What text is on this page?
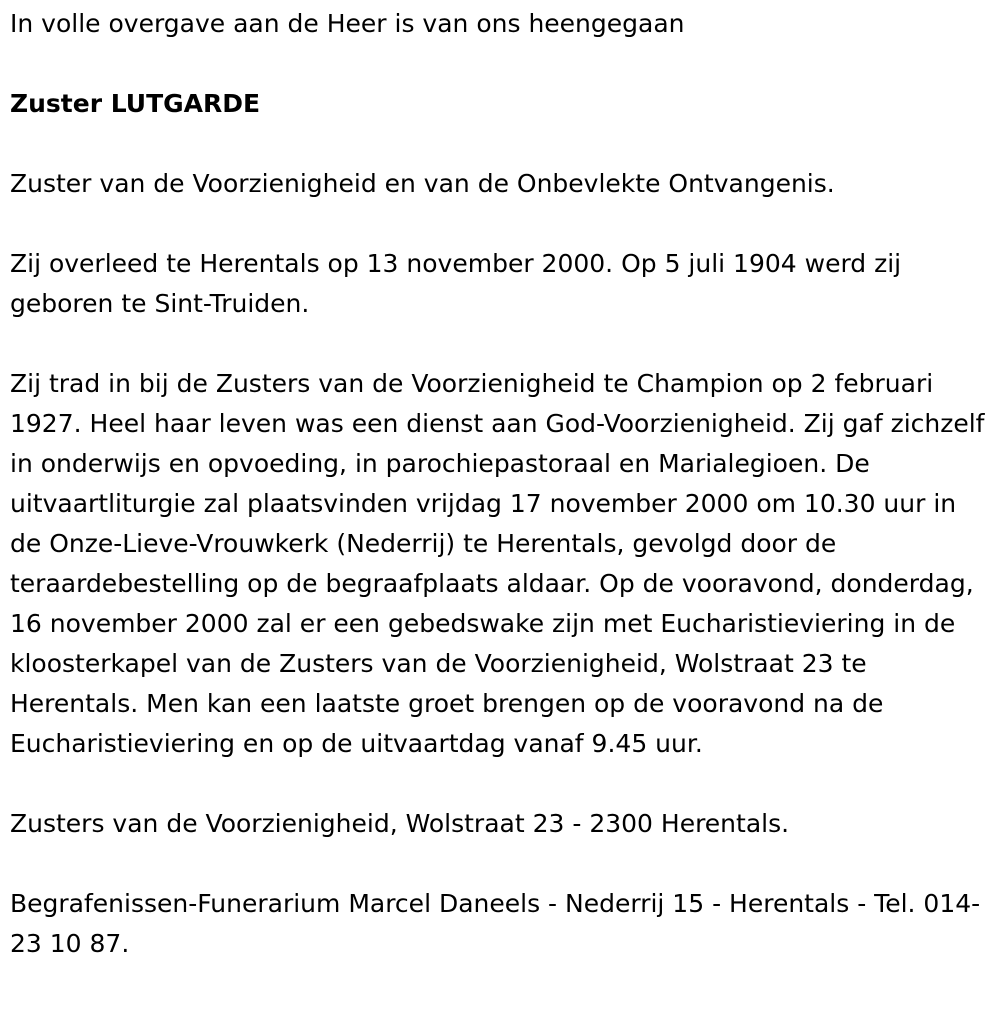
In volle overgave aan de Heer is van ons heengegaan

Zuster LUTGARDE

Zuster van de Voorzienigheid en van de Onbevlekte Ontvangenis.

Zij overleed te Herentals op 13 november 2000. Op 5 juli 1904 werd zij geboren te Sint-Truiden.

Zij trad in bij de Zusters van de Voorzienigheid te Champion op 2 februari 1927. Heel haar leven was een dienst aan God-Voorzienigheid. Zij gaf zichzelf in onderwijs en opvoeding, in parochiepastoraal en Marialegioen. De uitvaartliturgie zal plaatsvinden vrijdag 17 november 2000 om 10.30 uur in de Onze-Lieve-Vrouwkerk (Nederrij) te Herentals, gevolgd door de teraardebestelling op de begraafplaats aldaar. Op de vooravond, donderdag, 16 november 2000 zal er een gebedswake zijn met Eucharistieviering in de kloosterkapel van de Zusters van de Voorzienigheid, Wolstraat 23 te Herentals. Men kan een laatste groet brengen op de vooravond na de Eucharistieviering en op de uitvaartdag vanaf 9.45 uur.

Zusters van de Voorzienigheid, Wolstraat 23 - 2300 Herentals.

Begrafenissen-Funerarium Marcel Daneels - Nederrij 15 - Herentals - Tel. 014-23 10 87.
